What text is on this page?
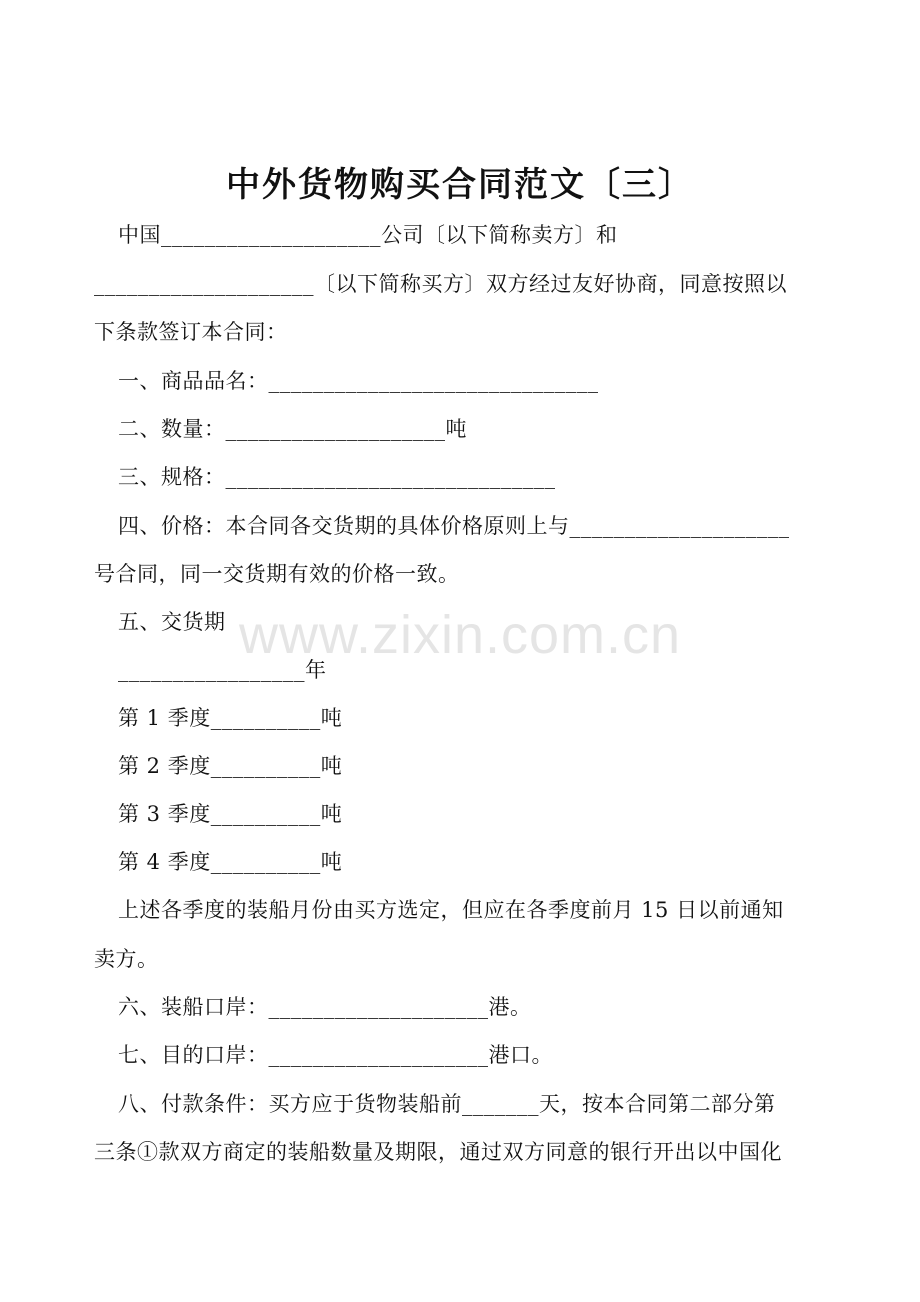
中外货物购买合同范文〔三〕
中国____________________公司〔以下简称卖方〕和
____________________〔以下简称买方〕双方经过友好协商，同意按照以
下条款签订本合同：
一、商品品名：______________________________
二、数量：____________________吨
三、规格：______________________________
四、价格：本合同各交货期的具体价格原则上与____________________
号合同，同一交货期有效的价格一致。
五、交货期
_________________年
第 1 季度__________吨
第 2 季度__________吨
第 3 季度__________吨
第 4 季度__________吨
上述各季度的装船月份由买方选定，但应在各季度前月 15 日以前通知
卖方。
六、装船口岸：____________________港。
七、目的口岸：____________________港口。
八、付款条件：买方应于货物装船前_______天，按本合同第二部分第
三条①款双方商定的装船数量及期限，通过双方同意的银行开出以中国化
www.zixin.com.cn
